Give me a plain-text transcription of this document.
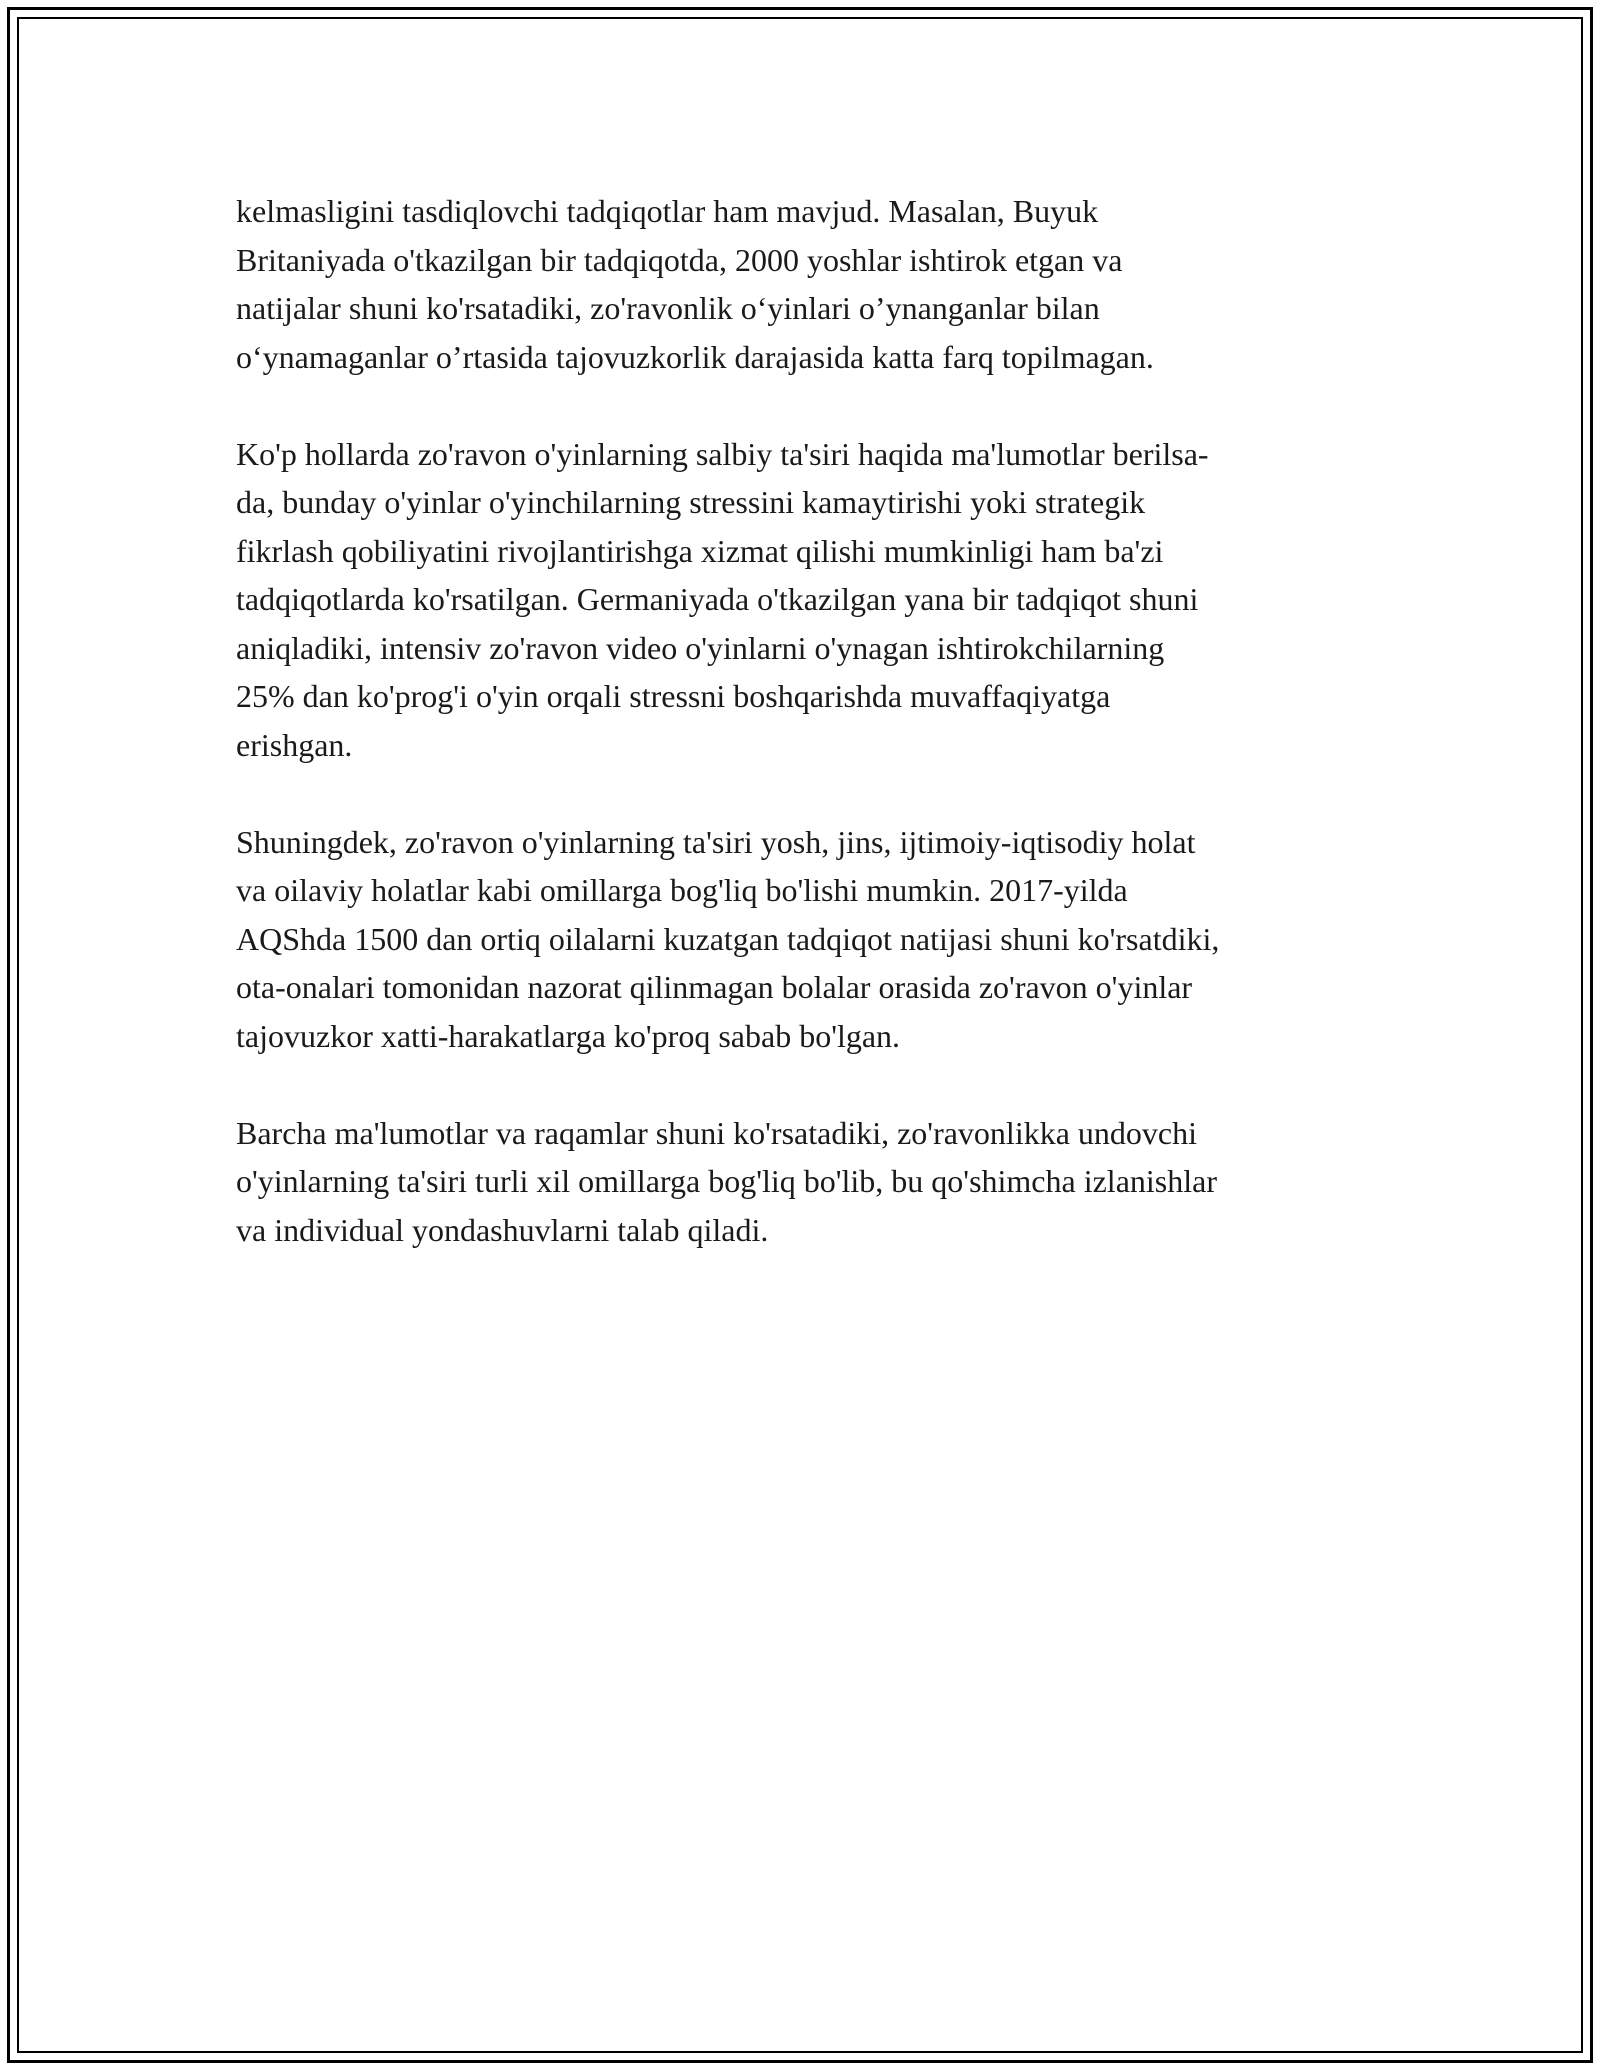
kelmasligini tasdiqlovchi tadqiqotlar ham mavjud. Masalan, Buyuk
Britaniyada o'tkazilgan bir tadqiqotda, 2000 yoshlar ishtirok etgan va
natijalar shuni ko'rsatadiki, zo'ravonlik o‘yinlari o’ynanganlar bilan
o‘ynamaganlar o’rtasida tajovuzkorlik darajasida katta farq topilmagan.
Ko'p hollarda zo'ravon o'yinlarning salbiy ta'siri haqida ma'lumotlar berilsa-
da, bunday o'yinlar o'yinchilarning stressini kamaytirishi yoki strategik
fikrlash qobiliyatini rivojlantirishga xizmat qilishi mumkinligi ham ba'zi
tadqiqotlarda ko'rsatilgan. Germaniyada o'tkazilgan yana bir tadqiqot shuni
aniqladiki, intensiv zo'ravon video o'yinlarni o'ynagan ishtirokchilarning
25% dan ko'prog'i o'yin orqali stressni boshqarishda muvaffaqiyatga
erishgan.
Shuningdek, zo'ravon o'yinlarning ta'siri yosh, jins, ijtimoiy-iqtisodiy holat
va oilaviy holatlar kabi omillarga bog'liq bo'lishi mumkin. 2017-yilda
AQShda 1500 dan ortiq oilalarni kuzatgan tadqiqot natijasi shuni ko'rsatdiki,
ota-onalari tomonidan nazorat qilinmagan bolalar orasida zo'ravon o'yinlar
tajovuzkor xatti-harakatlarga ko'proq sabab bo'lgan.
Barcha ma'lumotlar va raqamlar shuni ko'rsatadiki, zo'ravonlikka undovchi
o'yinlarning ta'siri turli xil omillarga bog'liq bo'lib, bu qo'shimcha izlanishlar
va individual yondashuvlarni talab qiladi.
